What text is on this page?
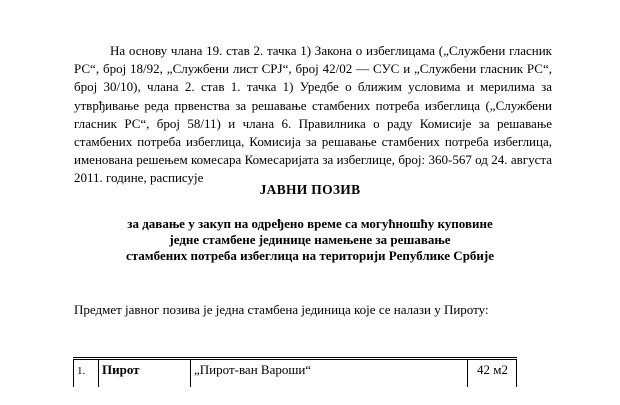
На основу члана 19. став 2. тачка 1) Закона о избеглицама („Службени гласник РС“, број 18/92, „Службени лист СРЈ“, број 42/02 — СУС и „Службени гласник РС“, број 30/10), члана 2. став 1. тачка 1) Уредбе о ближим условима и мерилима за утврђивање реда првенства за решавање стамбених потреба избеглица („Службени гласник РС“, број 58/11) и члана 6. Правилника о раду Комисије за решавање стамбених потреба избеглица, Комисија за решавање стамбених потреба избеглица, именована решењем комесара Комесаријата за избеглице, број: 360-567 од 24. августа 2011. године, расписује
ЈАВНИ ПОЗИВ
за давање у закуп на одређено време са могућношћу куповине
једне стамбене јединице намењене за решавање
стамбених потреба избеглица на територији Републике Србије
Предмет јавног позива је једна стамбена јединица које се налази у Пироту:
1.	Пирот	„Пирот-ван Вароши“	42 м2
